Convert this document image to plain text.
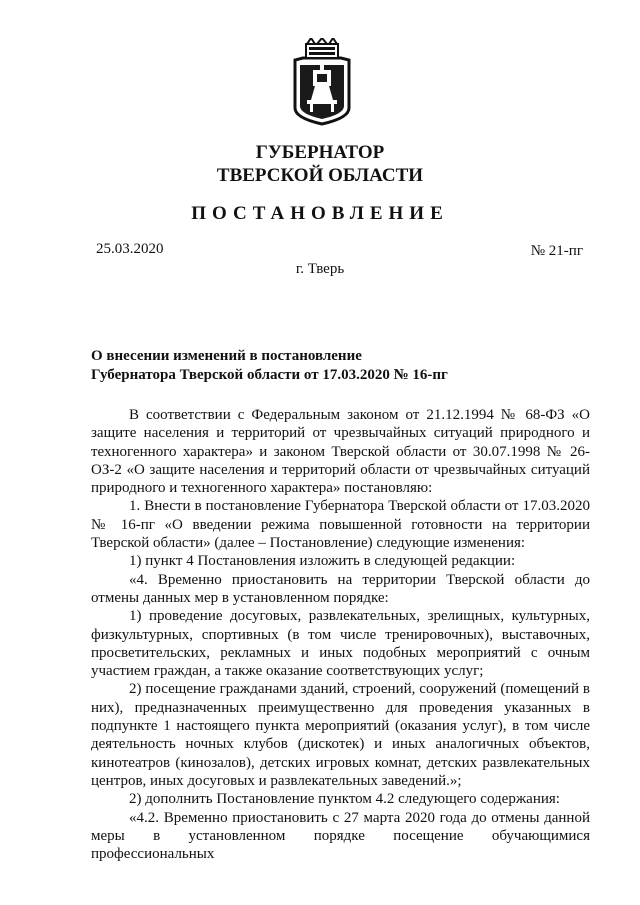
ГУБЕРНАТОР
ТВЕРСКОЙ ОБЛАСТИ
ПОСТАНОВЛЕНИЕ
25.03.2020	№ 21-пг
г. Тверь
О внесении изменений в постановление
Губернатора Тверской области от 17.03.2020 № 16-пг

В соответствии с Федеральным законом от 21.12.1994 № 68-ФЗ «О защите населения и территорий от чрезвычайных ситуаций природного и техногенного характера» и законом Тверской области от 30.07.1998 № 26-ОЗ-2 «О защите населения и территорий области от чрезвычайных ситуаций природного и техногенного характера» постановляю:

1. Внести в постановление Губернатора Тверской области от 17.03.2020 № 16-пг «О введении режима повышенной готовности на территории Тверской области» (далее – Постановление) следующие изменения:

1) пункт 4 Постановления изложить в следующей редакции:

«4. Временно приостановить на территории Тверской области до отмены данных мер в установленном порядке:

1) проведение досуговых, развлекательных, зрелищных, культурных, физкультурных, спортивных (в том числе тренировочных), выставочных, просветительских, рекламных и иных подобных мероприятий с очным участием граждан, а также оказание соответствующих услуг;

2) посещение гражданами зданий, строений, сооружений (помещений в них), предназначенных преимущественно для проведения указанных в подпункте 1 настоящего пункта мероприятий (оказания услуг), в том числе деятельность ночных клубов (дискотек) и иных аналогичных объектов, кинотеатров (кинозалов), детских игровых комнат, детских развлекательных центров, иных досуговых и развлекательных заведений.»;

2) дополнить Постановление пунктом 4.2 следующего содержания:

«4.2. Временно приостановить с 27 марта 2020 года до отмены данной меры в установленном порядке посещение обучающимися профессиональных
